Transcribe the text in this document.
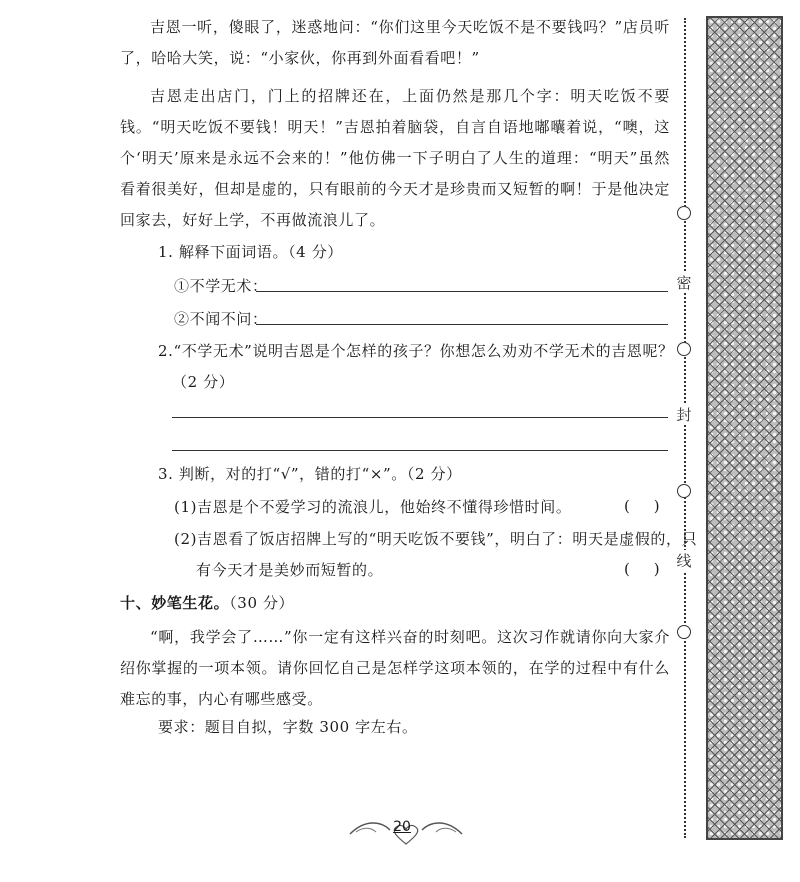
吉恩一听，傻眼了，迷惑地问：“你们这里今天吃饭不是不要钱吗？”店员听了，哈哈大笑，说：“小家伙，你再到外面看看吧！”

吉恩走出店门，门上的招牌还在，上面仍然是那几个字：明天吃饭不要钱。“明天吃饭不要钱！明天！”吉恩拍着脑袋，自言自语地嘟囔着说，“噢，这个‘明天’原来是永远不会来的！”他仿佛一下子明白了人生的道理：“明天”虽然看着很美好，但却是虚的，只有眼前的今天才是珍贵而又短暂的啊！于是他决定回家去，好好上学，不再做流浪儿了。

1. 解释下面词语。（4 分）

①不学无术：

②不闻不问：

2.“不学无术”说明吉恩是个怎样的孩子？你想怎么劝劝不学无术的吉恩呢？

（2 分）

3. 判断，对的打“√”，错的打“×”。（2 分）

(1)吉恩是个不爱学习的流浪儿，他始终不懂得珍惜时间。	(     )

(2)吉恩看了饭店招牌上写的“明天吃饭不要钱”，明白了：明天是虚假的，只

有今天才是美妙而短暂的。	(     )

十、妙笔生花。（30 分）

“啊，我学会了……”你一定有这样兴奋的时刻吧。这次习作就请你向大家介绍你掌握的一项本领。请你回忆自己是怎样学这项本领的，在学的过程中有什么难忘的事，内心有哪些感受。

要求：题目自拟，字数 300 字左右。

密
封
线
20
